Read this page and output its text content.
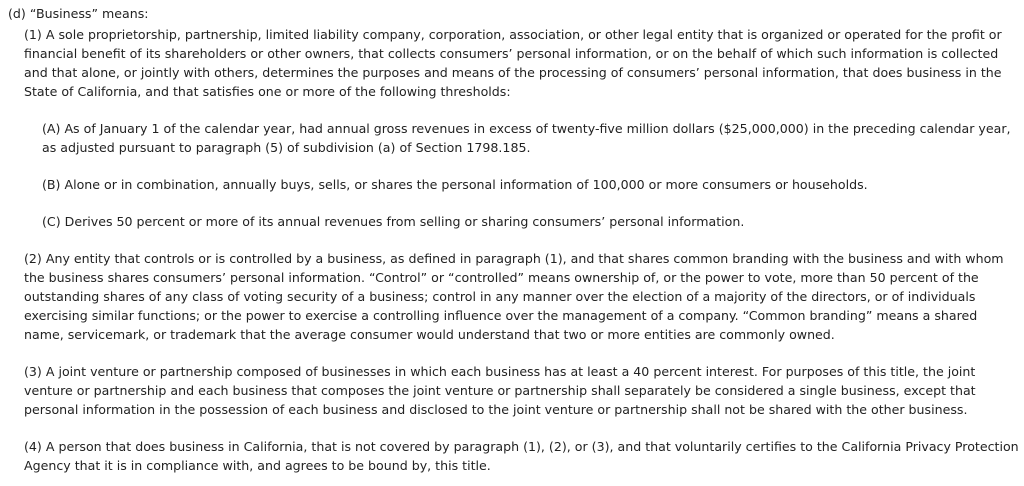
(d) “Business” means:
(1) A sole proprietorship, partnership, limited liability company, corporation, association, or other legal entity that is organized or operated for the profit or financial benefit of its shareholders or other owners, that collects consumers’ personal information, or on the behalf of which such information is collected and that alone, or jointly with others, determines the purposes and means of the processing of consumers’ personal information, that does business in the State of California, and that satisfies one or more of the following thresholds:
(A) As of January 1 of the calendar year, had annual gross revenues in excess of twenty-five million dollars ($25,000,000) in the preceding calendar year, as adjusted pursuant to paragraph (5) of subdivision (a) of Section 1798.185.
(B) Alone or in combination, annually buys, sells, or shares the personal information of 100,000 or more consumers or households.
(C) Derives 50 percent or more of its annual revenues from selling or sharing consumers’ personal information.
(2) Any entity that controls or is controlled by a business, as defined in paragraph (1), and that shares common branding with the business and with whom the business shares consumers’ personal information. “Control” or “controlled” means ownership of, or the power to vote, more than 50 percent of the outstanding shares of any class of voting security of a business; control in any manner over the election of a majority of the directors, or of individuals exercising similar functions; or the power to exercise a controlling influence over the management of a company. “Common branding” means a shared name, servicemark, or trademark that the average consumer would understand that two or more entities are commonly owned.
(3) A joint venture or partnership composed of businesses in which each business has at least a 40 percent interest. For purposes of this title, the joint venture or partnership and each business that composes the joint venture or partnership shall separately be considered a single business, except that personal information in the possession of each business and disclosed to the joint venture or partnership shall not be shared with the other business.
(4) A person that does business in California, that is not covered by paragraph (1), (2), or (3), and that voluntarily certifies to the California Privacy Protection Agency that it is in compliance with, and agrees to be bound by, this title.
